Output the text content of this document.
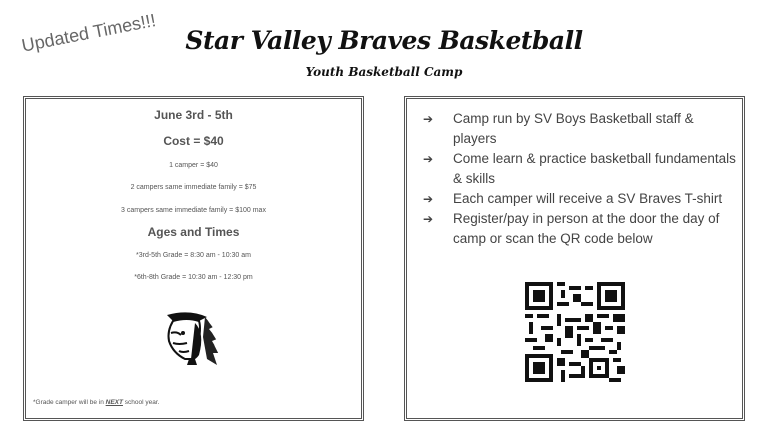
Updated Times!!!	Star Valley Braves Basketball
Youth Basketball Camp
June 3rd - 5th
Cost = $40
1 camper = $40
2 campers same immediate family = $75
3 campers same immediate family = $100 max
Ages and Times
*3rd-5th Grade = 8:30 am - 10:30 am
*6th-8th Grade = 10:30 am - 12:30 pm
*Grade camper will be in NEXT school year.
➔	Camp run by SV Boys Basketball staff & players
➔	Come learn & practice basketball fundamentals & skills
➔	Each camper will receive a SV Braves T-shirt
➔	Register/pay in person at the door the day of camp or scan the QR code below
